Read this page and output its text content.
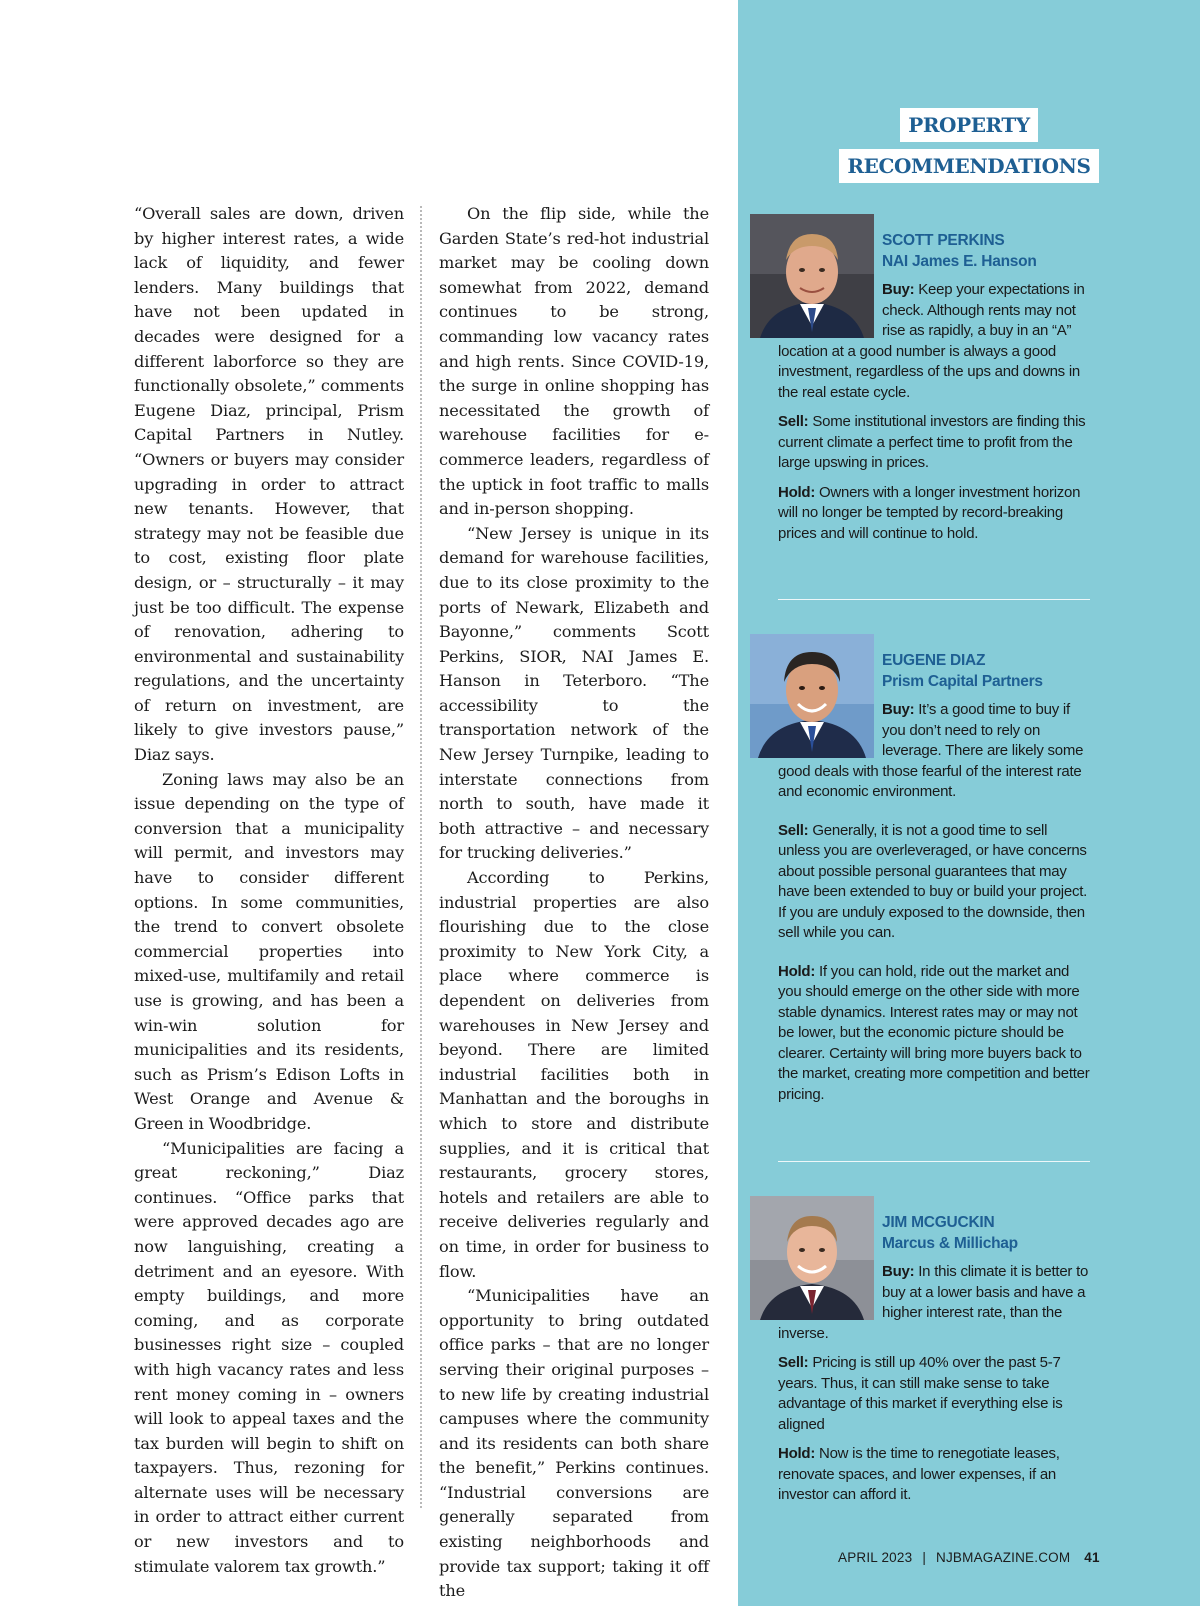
“Overall sales are down, driven by higher interest rates, a wide lack of liquidity, and fewer lenders. Many buildings that have not been updated in decades were designed for a different laborforce so they are functionally obsolete,” comments Eugene Diaz, principal, Prism Capital Partners in Nutley. “Owners or buyers may consider upgrading in order to attract new tenants. However, that strategy may not be feasible due to cost, existing floor plate design, or – structurally – it may just be too difficult. The expense of renovation, adhering to environmental and sustainability regulations, and the uncertainty of return on investment, are likely to give investors pause,” Diaz says.

Zoning laws may also be an issue depending on the type of conversion that a municipality will permit, and investors may have to consider different options. In some communities, the trend to convert obsolete commercial properties into mixed-use, multifamily and retail use is growing, and has been a win-win solution for municipalities and its residents, such as Prism’s Edison Lofts in West Orange and Avenue & Green in Woodbridge.

“Municipalities are facing a great reckoning,” Diaz continues. “Office parks that were approved decades ago are now languishing, creating a detriment and an eyesore. With empty buildings, and more coming, and as corporate businesses right size – coupled with high vacancy rates and less rent money coming in – owners will look to appeal taxes and the tax burden will begin to shift on taxpayers. Thus, rezoning for alternate uses will be necessary in order to attract either current or new investors and to stimulate valorem tax growth.”

On the flip side, while the Garden State’s red-hot industrial market may be cooling down somewhat from 2022, demand continues to be strong, commanding low vacancy rates and high rents. Since COVID-19, the surge in online shopping has necessitated the growth of warehouse facilities for e-commerce leaders, regardless of the uptick in foot traffic to malls and in-person shopping.

“New Jersey is unique in its demand for warehouse facilities, due to its close proximity to the ports of Newark, Elizabeth and Bayonne,” comments Scott Perkins, SIOR, NAI James E. Hanson in Teterboro. “The accessibility to the transportation network of the New Jersey Turnpike, leading to interstate connections from north to south, have made it both attractive – and necessary for trucking deliveries.”

According to Perkins, industrial properties are also flourishing due to the close proximity to New York City, a place where commerce is dependent on deliveries from warehouses in New Jersey and beyond. There are limited industrial facilities both in Manhattan and the boroughs in which to store and distribute supplies, and it is critical that restaurants, grocery stores, hotels and retailers are able to receive deliveries regularly and on time, in order for business to flow.

“Municipalities have an opportunity to bring outdated office parks – that are no longer serving their original purposes – to new life by creating industrial campuses where the community and its residents can both share the benefit,” Perkins continues. “Industrial conversions are generally separated from existing neighborhoods and provide tax support; taking it off the

PROPERTY
RECOMMENDATIONS
SCOTT PERKINS
NAI James E. Hanson

Buy: Keep your expectations in check. Although rents may not rise as rapidly, a buy in an “A” location at a good number is always a good investment, regardless of the ups and downs in the real estate cycle.

Sell: Some institutional investors are finding this current climate a perfect time to profit from the large upswing in prices.

Hold: Owners with a longer investment horizon will no longer be tempted by record-breaking prices and will continue to hold.

EUGENE DIAZ
Prism Capital Partners

Buy: It’s a good time to buy if you don’t need to rely on leverage. There are likely some good deals with those fearful of the interest rate and economic environment.

Sell: Generally, it is not a good time to sell unless you are overleveraged, or have concerns about possible personal guarantees that may have been extended to buy or build your project. If you are unduly exposed to the downside, then sell while you can.

Hold: If you can hold, ride out the market and you should emerge on the other side with more stable dynamics. Interest rates may or may not be lower, but the economic picture should be clearer. Certainty will bring more buyers back to the market, creating more competition and better pricing.

JIM MCGUCKIN
Marcus & Millichap

Buy: In this climate it is better to buy at a lower basis and have a higher interest rate, than the inverse.

Sell: Pricing is still up 40% over the past 5-7 years. Thus, it can still make sense to take advantage of this market if everything else is aligned

Hold: Now is the time to renegotiate leases, renovate spaces, and lower expenses, if an investor can afford it.

APRIL 2023 | NJBMAGAZINE.COM 41
